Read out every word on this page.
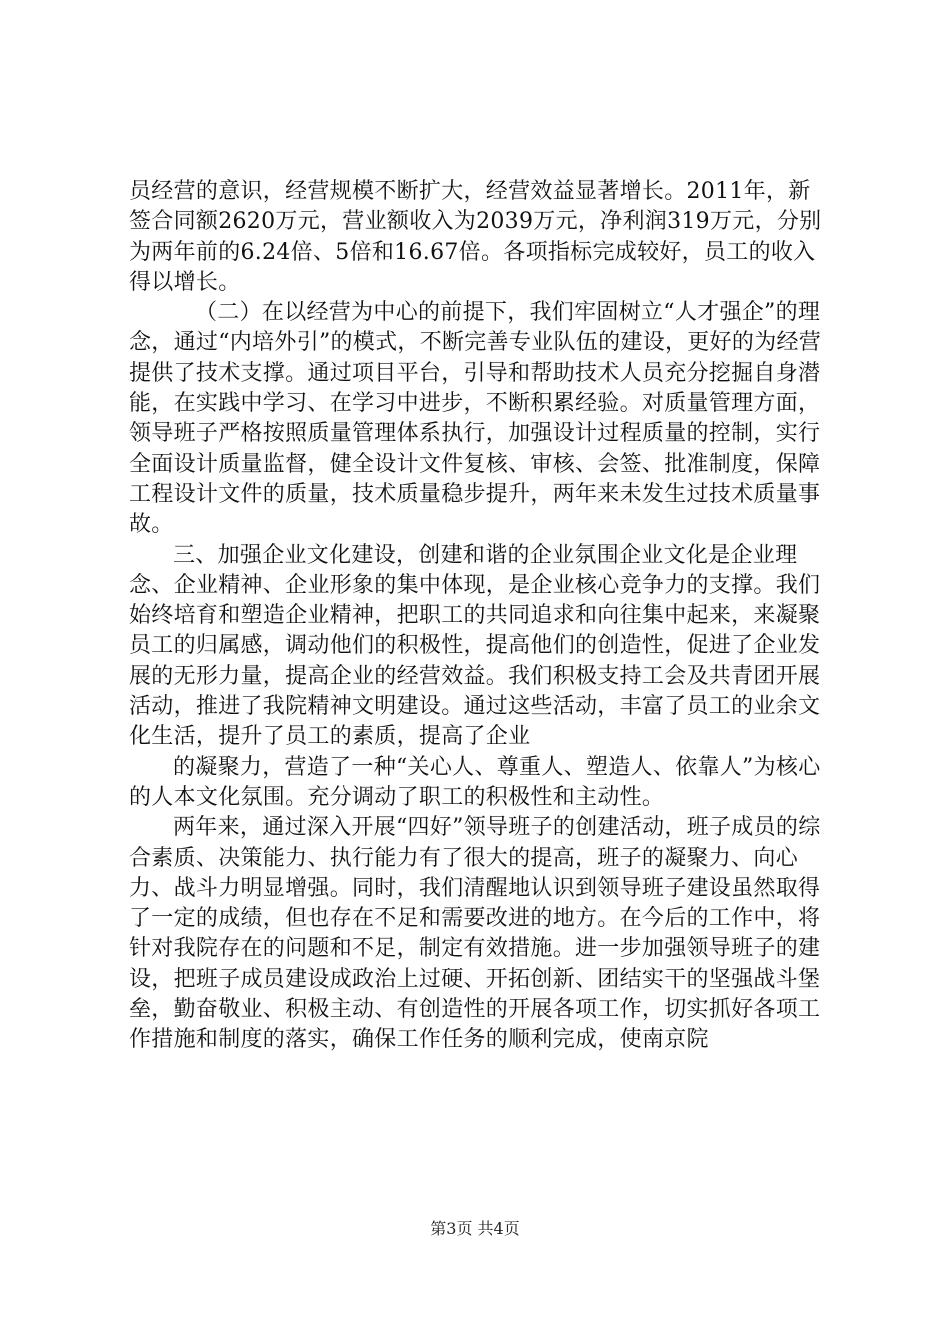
员经营的意识，经营规模不断扩大，经营效益显著增长。2011年，新签合同额2620万元，营业额收入为2039万元，净利润319万元，分别为两年前的6.24倍、5倍和16.67倍。各项指标完成较好，员工的收入得以增长。

（二）在以经营为中心的前提下，我们牢固树立“人才强企”的理念，通过“内培外引”的模式，不断完善专业队伍的建设，更好的为经营提供了技术支撑。通过项目平台，引导和帮助技术人员充分挖掘自身潜能，在实践中学习、在学习中进步，不断积累经验。对质量管理方面，领导班子严格按照质量管理体系执行，加强设计过程质量的控制，实行全面设计质量监督，健全设计文件复核、审核、会签、批准制度，保障工程设计文件的质量，技术质量稳步提升，两年来未发生过技术质量事故。

三、加强企业文化建设，创建和谐的企业氛围企业文化是企业理念、企业精神、企业形象的集中体现，是企业核心竞争力的支撑。我们始终培育和塑造企业精神，把职工的共同追求和向往集中起来，来凝聚员工的归属感，调动他们的积极性，提高他们的创造性，促进了企业发展的无形力量，提高企业的经营效益。我们积极支持工会及共青团开展活动，推进了我院精神文明建设。通过这些活动，丰富了员工的业余文化生活，提升了员工的素质，提高了企业

的凝聚力，营造了一种“关心人、尊重人、塑造人、依靠人”为核心的人本文化氛围。充分调动了职工的积极性和主动性。

两年来，通过深入开展“四好”领导班子的创建活动，班子成员的综合素质、决策能力、执行能力有了很大的提高，班子的凝聚力、向心力、战斗力明显增强。同时，我们清醒地认识到领导班子建设虽然取得了一定的成绩，但也存在不足和需要改进的地方。在今后的工作中，将针对我院存在的问题和不足，制定有效措施。进一步加强领导班子的建设，把班子成员建设成政治上过硬、开拓创新、团结实干的坚强战斗堡垒，勤奋敬业、积极主动、有创造性的开展各项工作，切实抓好各项工作措施和制度的落实，确保工作任务的顺利完成，使南京院

第3页 共4页
